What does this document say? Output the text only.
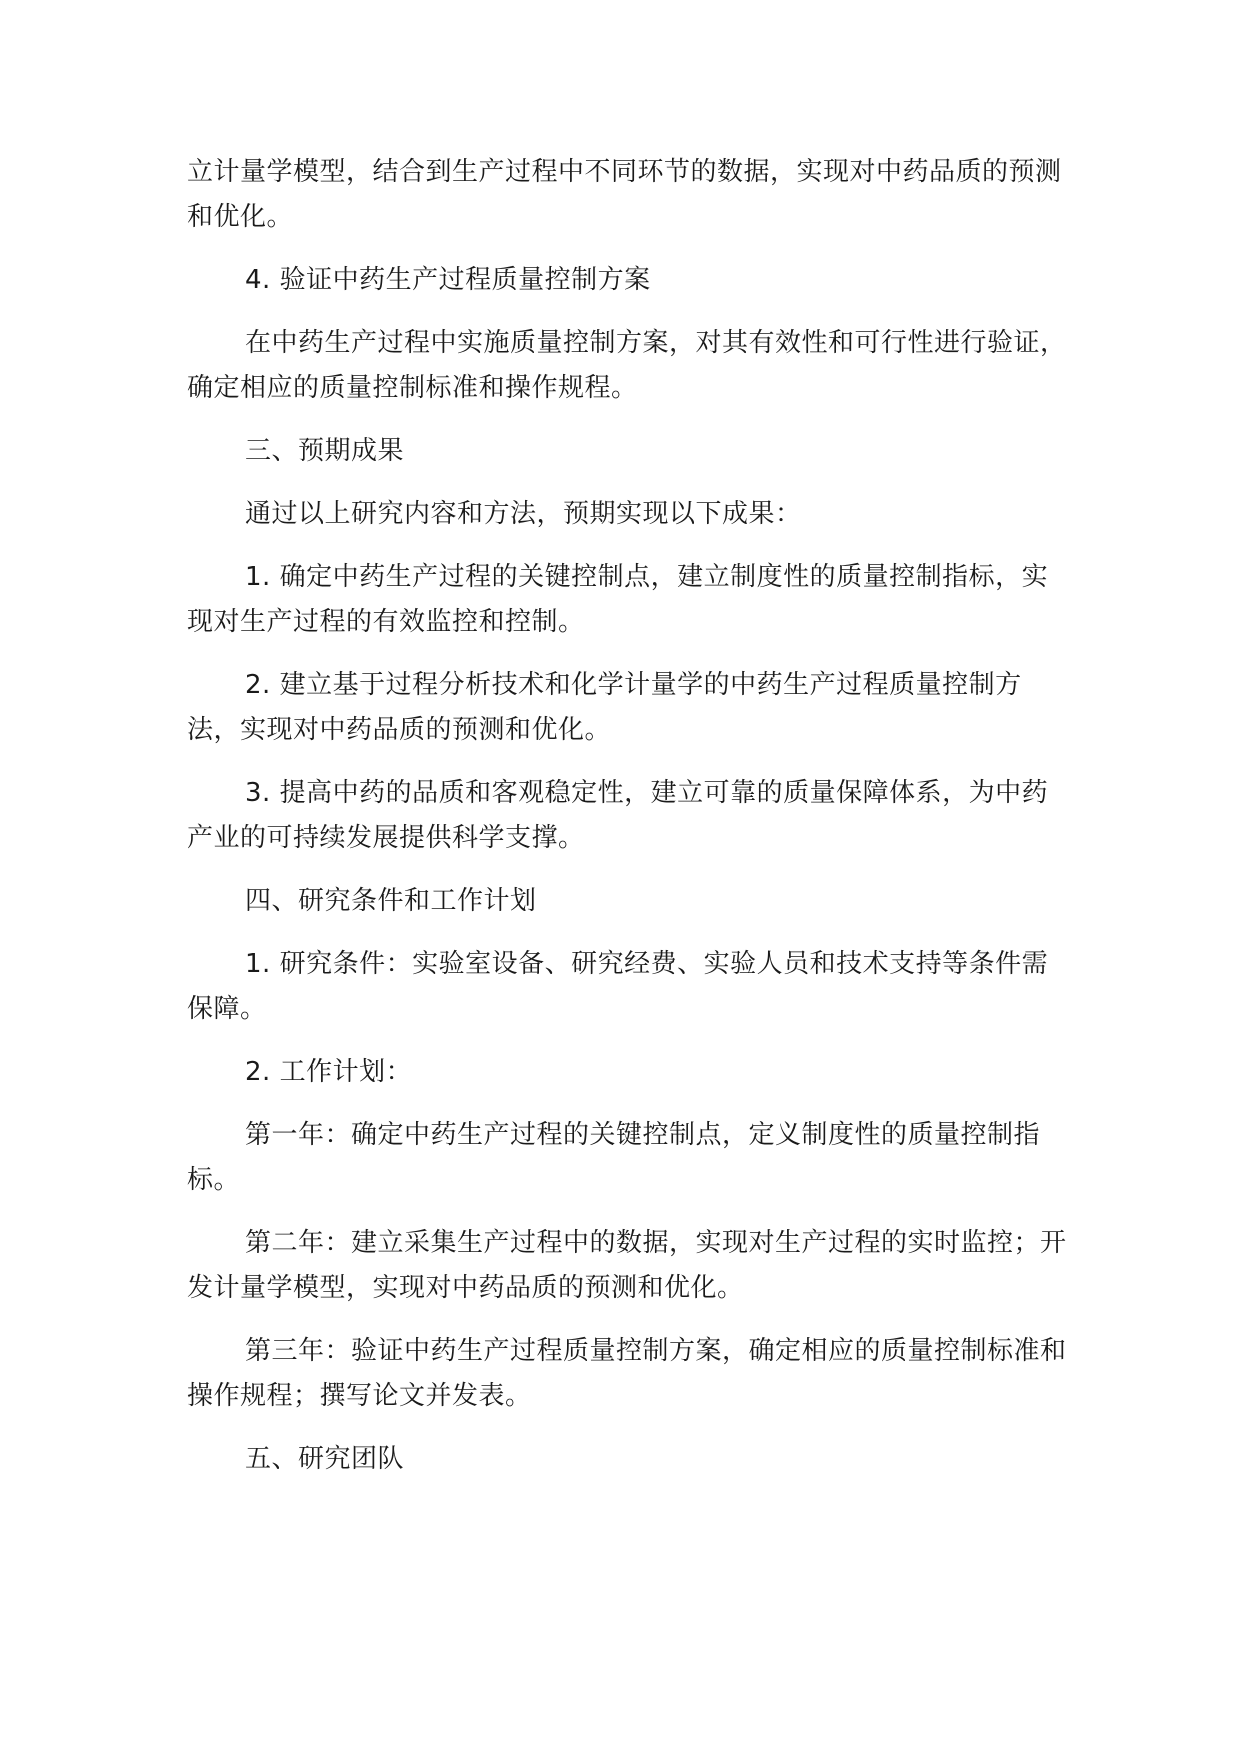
立计量学模型，结合到生产过程中不同环节的数据，实现对中药品质的预测和优化。

4. 验证中药生产过程质量控制方案

在中药生产过程中实施质量控制方案，对其有效性和可行性进行验证，确定相应的质量控制标准和操作规程。

三、预期成果

通过以上研究内容和方法，预期实现以下成果：

1. 确定中药生产过程的关键控制点，建立制度性的质量控制指标，实现对生产过程的有效监控和控制。

2. 建立基于过程分析技术和化学计量学的中药生产过程质量控制方法，实现对中药品质的预测和优化。

3. 提高中药的品质和客观稳定性，建立可靠的质量保障体系，为中药产业的可持续发展提供科学支撑。

四、研究条件和工作计划

1. 研究条件：实验室设备、研究经费、实验人员和技术支持等条件需保障。

2. 工作计划：

第一年：确定中药生产过程的关键控制点，定义制度性的质量控制指标。

第二年：建立采集生产过程中的数据，实现对生产过程的实时监控；开发计量学模型，实现对中药品质的预测和优化。

第三年：验证中药生产过程质量控制方案，确定相应的质量控制标准和操作规程；撰写论文并发表。

五、研究团队
